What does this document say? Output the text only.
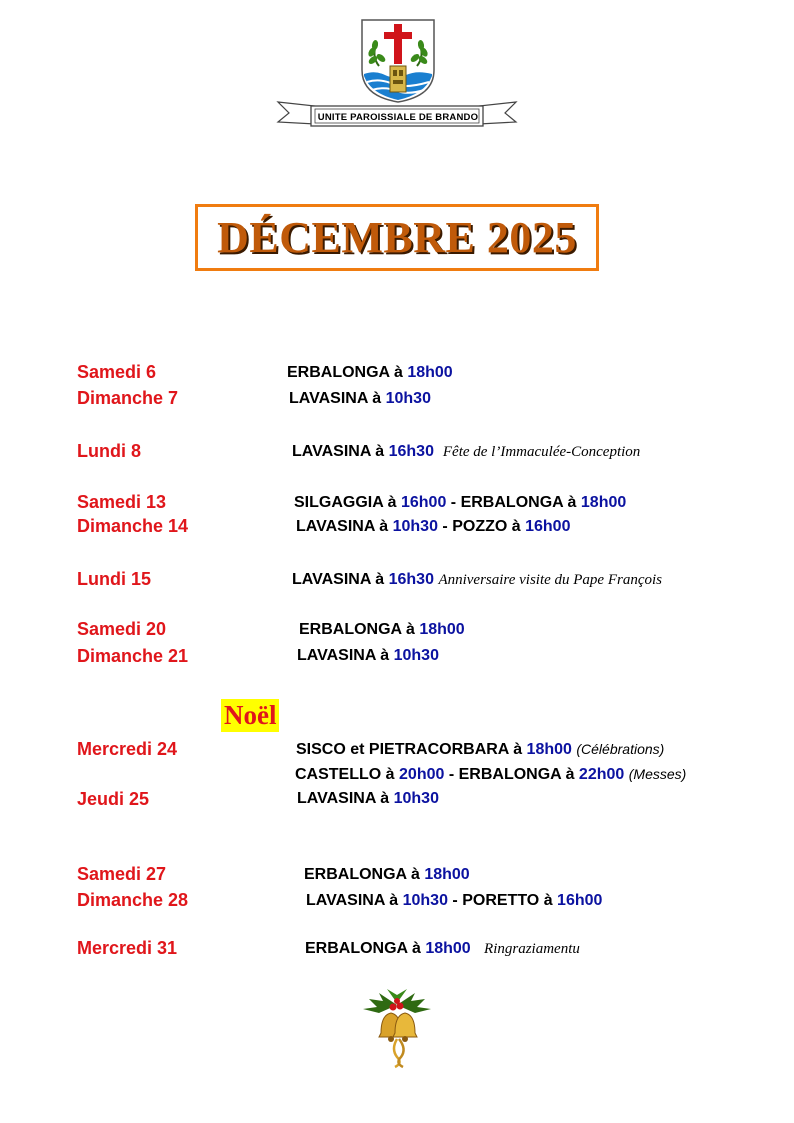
UNITE PAROISSIALE DE BRANDO
DÉCEMBRE 2025
Samedi 6	ERBALONGA à 18h00
Dimanche 7	LAVASINA à 10h30
Lundi 8	LAVASINA à 16h30 Fête de l’Immaculée-Conception
Samedi 13	SILGAGGIA à 16h00 - ERBALONGA à 18h00
Dimanche 14	LAVASINA à 10h30 - POZZO à 16h00
Lundi 15	LAVASINA à 16h30 Anniversaire visite du Pape François
Samedi 20	ERBALONGA à 18h00
Dimanche 21	LAVASINA à 10h30
Noël
Mercredi 24	SISCO et PIETRACORBARA à 18h00 (Célébrations)
CASTELLO à 20h00 - ERBALONGA à 22h00 (Messes)
Jeudi 25	LAVASINA à 10h30
Samedi 27	ERBALONGA à 18h00
Dimanche 28	LAVASINA à 10h30 - PORETTO à 16h00
Mercredi 31	ERBALONGA à 18h00 Ringraziamentu
